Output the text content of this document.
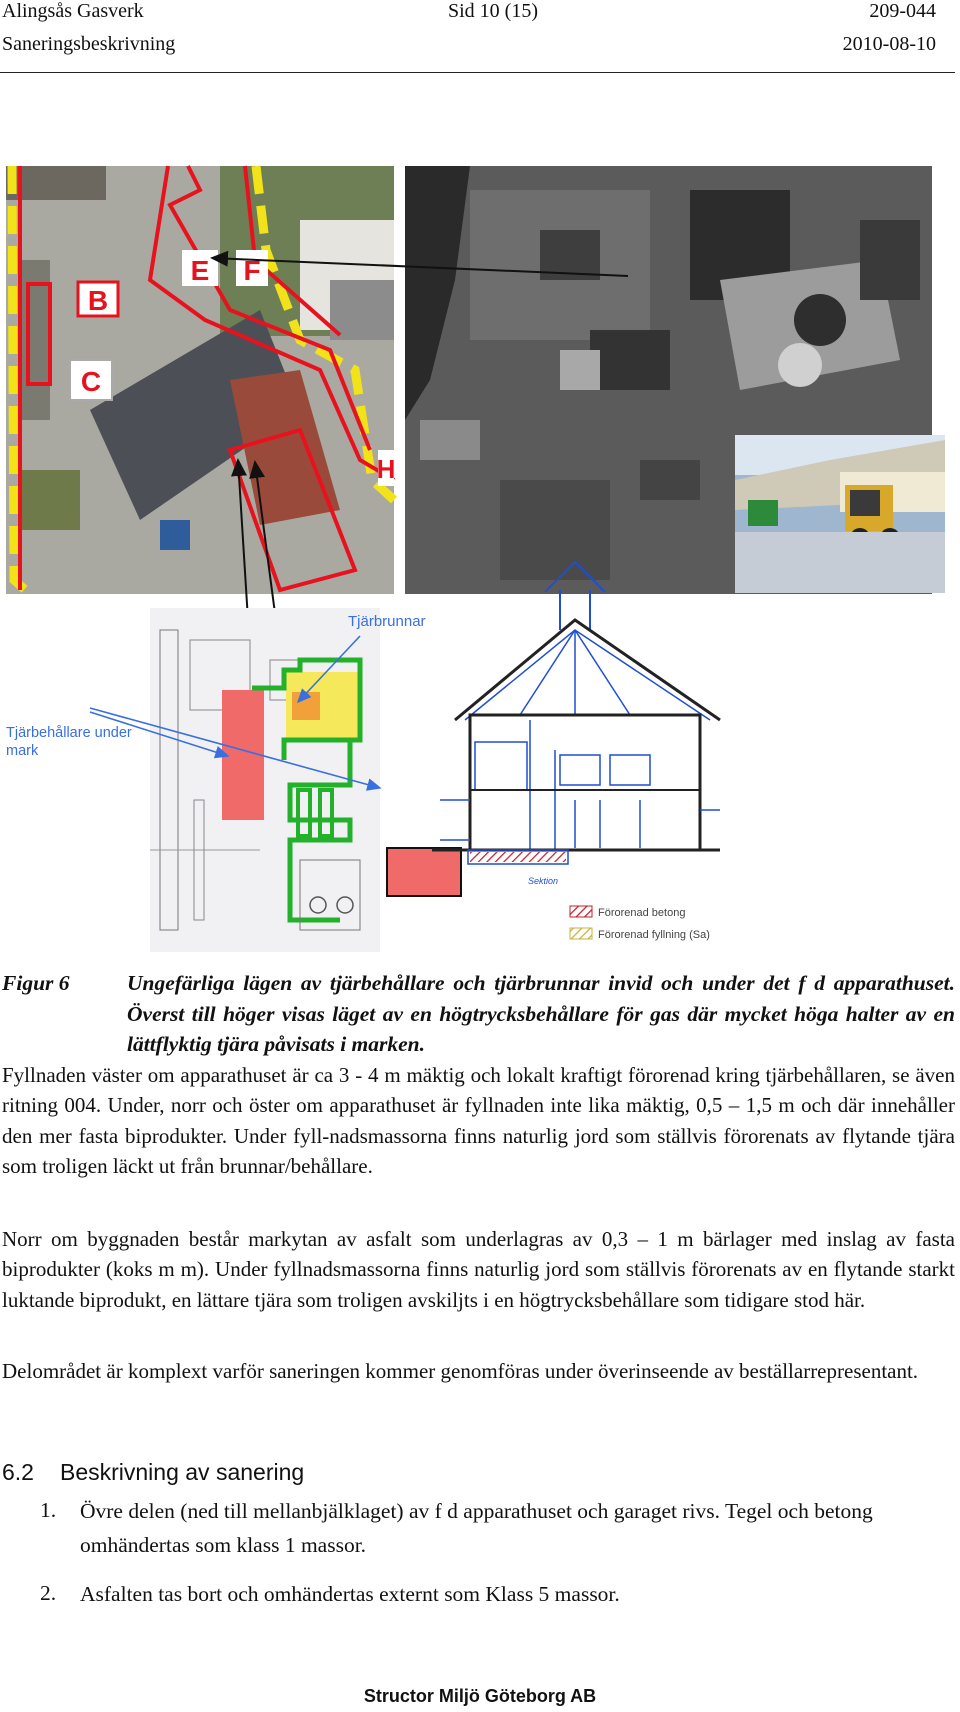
Alingsås Gasverk	Sid 10 (15)	209-044
Saneringsbeskrivning	2010-08-10
B
C
E F
H
Tjärbehållare under mark
Tjärbrunnar
Sektion
Förorenad betong
Förorenad fyllning (Sa)
Figur 6	Ungefärliga lägen av tjärbehållare och tjärbrunnar invid och under det f d apparathuset. Överst till höger visas läget av en högtrycksbehållare för gas där mycket höga halter av en lättflyktig tjära påvisats i marken.

Fyllnaden väster om apparathuset är ca 3 - 4 m mäktig och lokalt kraftigt förorenad kring tjärbehållaren, se även ritning 004. Under, norr och öster om apparathuset är fyllnaden inte lika mäktig, 0,5 – 1,5 m och där innehåller den mer fasta biprodukter. Under fyll-nadsmassorna finns naturlig jord som ställvis förorenats av flytande tjära som troligen läckt ut från brunnar/behållare.

Norr om byggnaden består markytan av asfalt som underlagras av 0,3 – 1 m bärlager med inslag av fasta biprodukter (koks m m). Under fyllnadsmassorna finns naturlig jord som ställvis förorenats av en flytande starkt luktande biprodukt, en lättare tjära som troligen avskiljts i en högtrycksbehållare som tidigare stod här.

Delområdet är komplext varför saneringen kommer genomföras under överinseende av beställarrepresentant.

6.2 Beskrivning av sanering
1. Övre delen (ned till mellanbjälklaget) av f d apparathuset och garaget rivs. Tegel och betong omhändertas som klass 1 massor.
2. Asfalten tas bort och omhändertas externt som Klass 5 massor.
Structor Miljö Göteborg AB
